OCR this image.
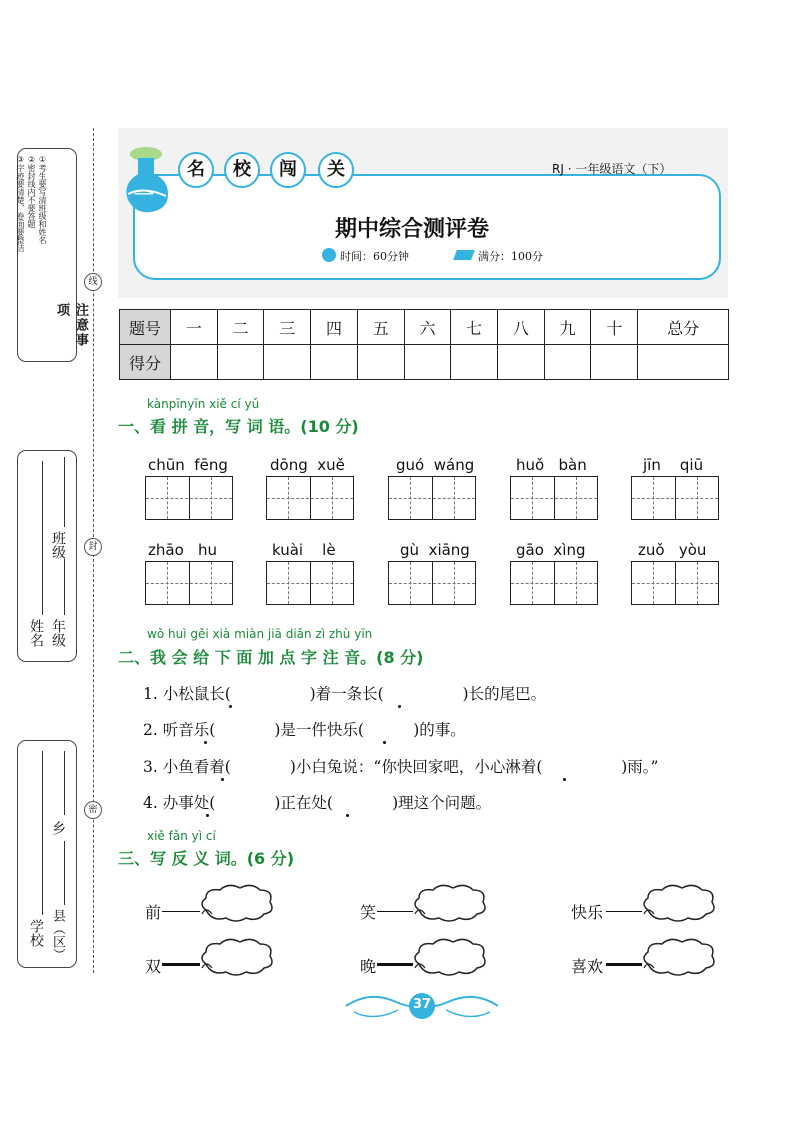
注意事项
①考生要写清班级和姓名
②密封线内不要答题
③字迹要清楚，卷面要整洁
班级
年级
姓名
乡
县（区）
学校
线
封
密
一
名	校	闯	关	RJ · 一年级语文（下）
期中综合测评卷
时间：60分钟	满分：100分
题号	一	二	三	四	五	六	七	八	九	十	总分
得分											
kànpīnyīn xiě cí yǔ
一、看 拼 音，写 词 语。(10 分)
chūn  fēng	dōng  xuě	guó  wáng	huǒ   bàn	jīn    qiū
zhāo   hu	kuài    lè	gù  xiāng	gāo  xìng	zuǒ   yòu
wǒ huì gěi xià miàn jiā diǎn zì zhù yīn
二、我 会 给 下 面 加 点 字 注 音。(8 分)
1. 小松鼠长(                )着一条长(                )长的尾巴。
2. 听音乐(            )是一件快乐(          )的事。
3. 小鱼看着(            )小白兔说：“你快回家吧，小心淋着(                )雨。”
4. 办事处(            )正在处(            )理这个问题。
xiě fǎn yì cí
三、写 反 义 词。(6 分)
前	笑	快乐
双	晚	喜欢
37
